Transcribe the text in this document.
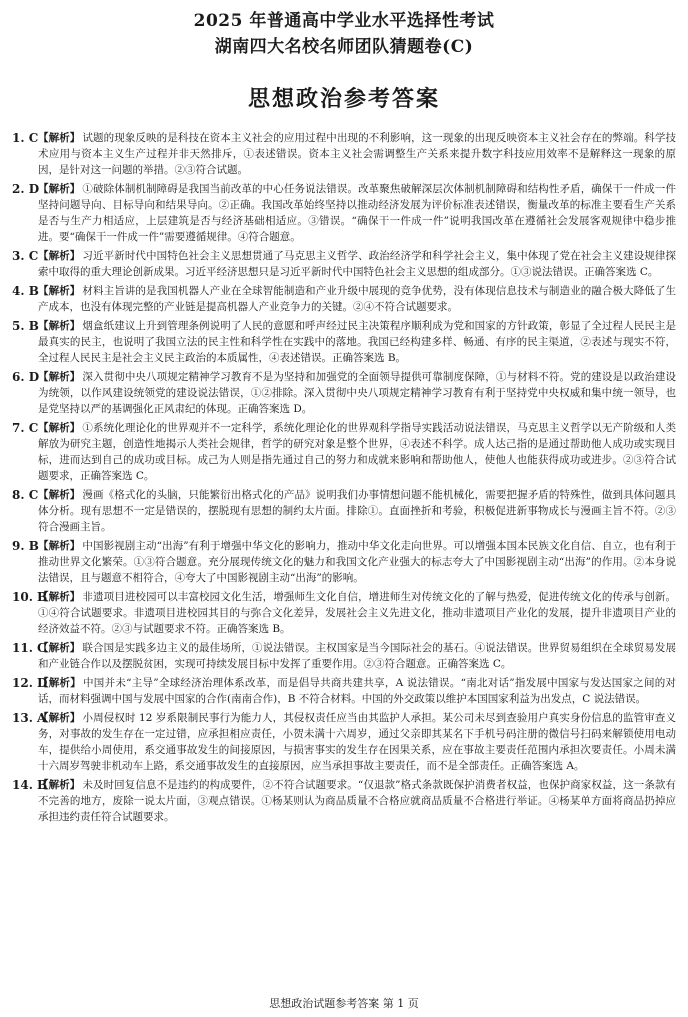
2025 年普通高中学业水平选择性考试
湖南四大名校名师团队猜题卷(C)
思想政治参考答案
1. C 【解析】 试题的现象反映的是科技在资本主义社会的应用过程中出现的不利影响，这一现象的出现反映资本主义社会存在的弊端。科学技术应用与资本主义生产过程并非天然排斥，①表述错误。资本主义社会需调整生产关系来提升数字科技应用效率不是解释这一现象的原因，是针对这一问题的举措。②③符合试题。
2. D
【解析】 ①破除体制机制障碍是我国当前改革的中心任务说法错误。改革聚焦破解深层次体制机制障碍和结构性矛盾，确保干一件成一件坚持问题导向、目标导向和结果导向。②正确。我国改革始终坚持以推动经济发展为评价标准表述错误，衡量改革的标准主要看生产关系是否与生产力相适应，上层建筑是否与经济基础相适应。③错误。“确保干一件成一件”说明我国改革在遵循社会发展客观规律中稳步推进。要“确保干一件成一件”需要遵循规律。④符合题意。
3. C 【解析】 习近平新时代中国特色社会主义思想贯通了马克思主义哲学、政治经济学和科学社会主义，集中体现了党在社会主义建设规律探索中取得的重大理论创新成果。习近平经济思想只是习近平新时代中国特色社会主义思想的组成部分。①③说法错误。正确答案选 C。
4. B 【解析】 材料主旨讲的是我国机器人产业在全球智能制造和产业升级中展现的竞争优势，没有体现信息技术与制造业的融合极大降低了生产成本，也没有体现完整的产业链是提高机器人产业竞争力的关键。②④不符合试题要求。
5. B 【解析】 烟盒纸建议上升到管理条例说明了人民的意愿和呼声经过民主决策程序顺利成为党和国家的方针政策，彰显了全过程人民民主是最真实的民主，也说明了我国立法的民主性和科学性在实践中的落地。我国已经构建多样、畅通、有序的民主渠道，②表述与现实不符，全过程人民民主是社会主义民主政治的本质属性，④表述错误。正确答案选 B。
6. D
【解析】 深入贯彻中央八项规定精神学习教育不是为坚持和加强党的全面领导提供可靠制度保障，①与材料不符。党的建设是以政治建设为统领，以作风建设统领党的建设说法错误，①②排除。深入贯彻中央八项规定精神学习教育有利于坚持党中央权威和集中统一领导，也是党坚持以严的基调强化正风肃纪的体现。正确答案选 D。
7. C 【解析】 ①系统化理论化的世界观并不一定科学，系统化理论化的世界观科学指导实践活动说法错误，马克思主义哲学以无产阶级和人类解放为研究主题，创造性地揭示人类社会规律，哲学的研究对象是整个世界，④表述不科学。成人达己指的是通过帮助他人成功或实现目标，进而达到自己的成功或目标。成己为人则是指先通过自己的努力和成就来影响和帮助他人，使他人也能获得成功或进步。②③符合试题要求，正确答案选 C。
8. C 【解析】 漫画《格式化的头脑，只能繁衍出格式化的产品》说明我们办事情想问题不能机械化，需要把握矛盾的特殊性，做到具体问题具体分析。现有思想不一定是错误的，摆脱现有思想的制约太片面。排除①。直面挫折和考验，积极促进新事物成长与漫画主旨不符。②③符合漫画主旨。
9. B 【解析】 中国影视剧主动“出海”有利于增强中华文化的影响力，推动中华文化走向世界。可以增强本国本民族文化自信、自立，也有利于推动世界文化繁荣。①③符合题意。充分展现传统文化的魅力和我国文化产业强大的标志夸大了中国影视剧主动“出海”的作用。②本身说法错误，且与题意不相符合，④夸大了中国影视剧主动“出海”的影响。
10. B
【解析】 非遗项目进校园可以丰富校园文化生活，增强师生文化自信，增进师生对传统文化的了解与热爱，促进传统文化的传承与创新。①④符合试题要求。非遗项目进校园其目的与弥合文化差异，发展社会主义先进文化，推动非遗项目产业化的发展，提升非遗项目产业的经济效益不符。②③与试题要求不符。正确答案选 B。
11. C
【解析】 联合国是实践多边主义的最佳场所，①说法错误。主权国家是当今国际社会的基石。④说法错误。世界贸易组织在全球贸易发展和产业链合作以及摆脱贫困，实现可持续发展目标中发挥了重要作用。②③符合题意。正确答案选 C。
12. D
【解析】 中国并未“主导”全球经济治理体系改革，而是倡导共商共建共享，A 说法错误。“南北对话”指发展中国家与发达国家之间的对话，而材料强调中国与发展中国家的合作(南南合作)，B 不符合材料。中国的外交政策以维护本国国家利益为出发点，C 说法错误。
13. A
【解析】 小周侵权时 12 岁系限制民事行为能力人，其侵权责任应当由其监护人承担。某公司未尽到查验用户真实身份信息的监管审查义务，对事故的发生存在一定过错，应承担相应责任，小贺未满十六周岁，通过父亲即其某名下手机号码注册的微信号扫码来解锁使用电动车，提供给小周使用，系交通事故发生的间接原因，与损害事实的发生存在因果关系，应在事故主要责任范围内承担次要责任。小周未满十六周岁驾驶非机动车上路，系交通事故发生的直接原因，应当承担事故主要责任，而不是全部责任。正确答案选 A。
14. B
【解析】 未及时回复信息不是违约的构成要件，②不符合试题要求。“仅退款”格式条款既保护消费者权益，也保护商家权益，这一条款有不完善的地方，废除一说太片面，③观点错误。①杨某则认为商品质量不合格应就商品质量不合格进行举证。④杨某单方面将商品扔掉应承担违约责任符合试题要求。
思想政治试题参考答案 第 1 页
